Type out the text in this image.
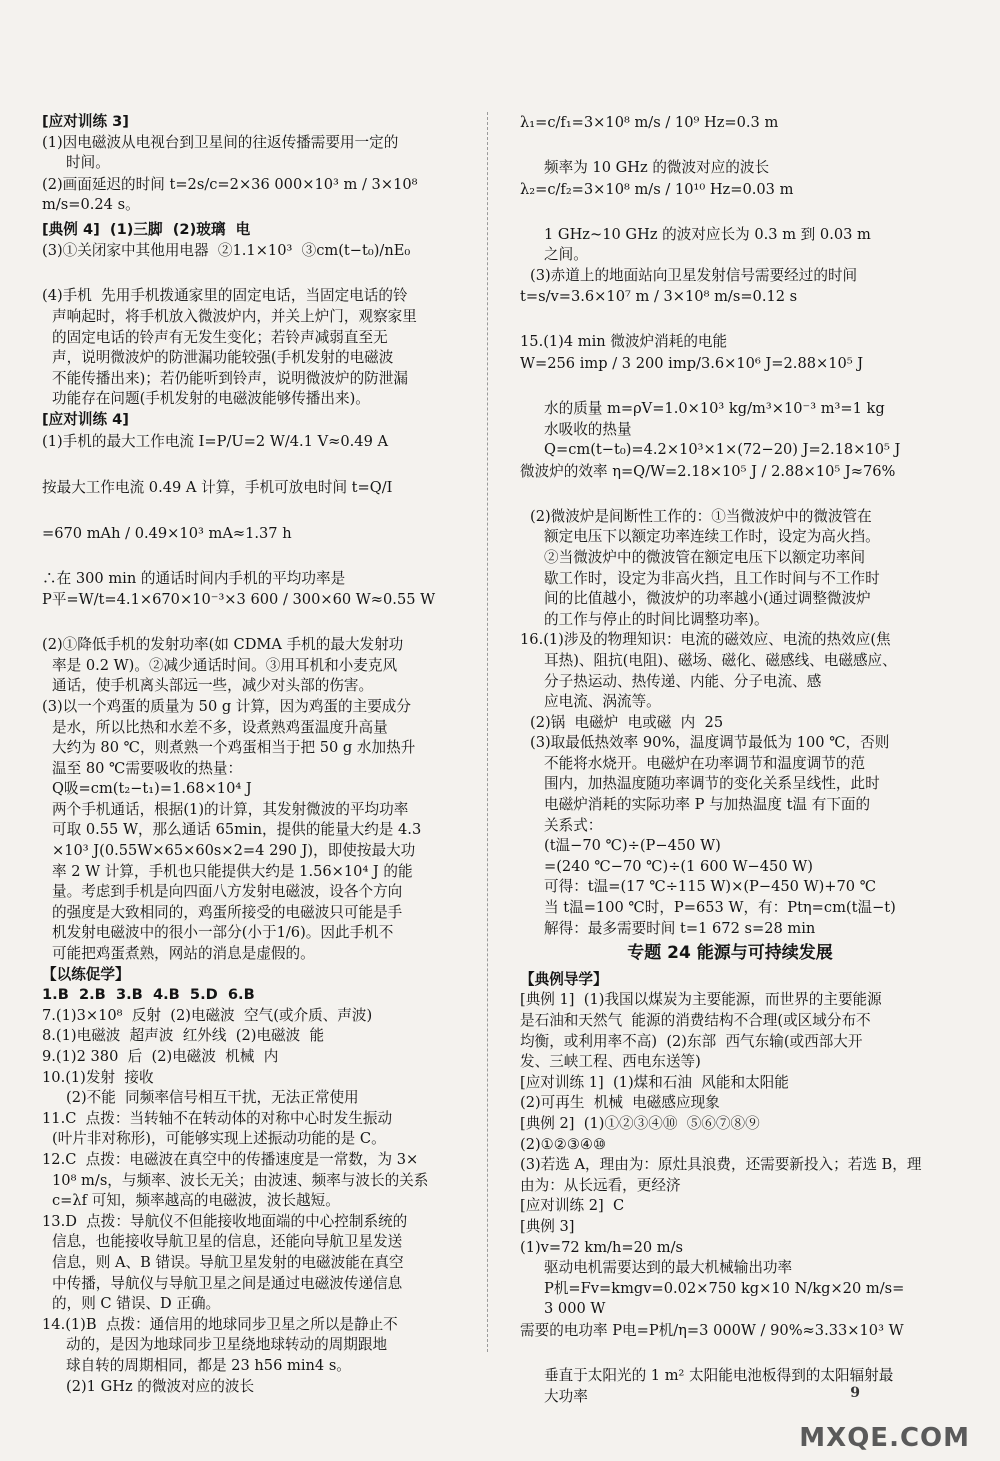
[应对训练 3]
(1)因电磁波从电视台到卫星间的往返传播需要用一定的
时间。
(2)画面延迟的时间 t=2s/c=2×36 000×10³ m / 3×10⁸ m/s=0.24 s。
[典例 4]  (1)三脚  (2)玻璃  电
(3)①关闭家中其他用电器  ②1.1×10³  ③cm(t−t₀)/nE₀
(4)手机  先用手机拨通家里的固定电话，当固定电话的铃
声响起时，将手机放入微波炉内，并关上炉门，观察家里
的固定电话的铃声有无发生变化；若铃声减弱直至无
声，说明微波炉的防泄漏功能较强(手机发射的电磁波
不能传播出来)；若仍能听到铃声，说明微波炉的防泄漏
功能存在问题(手机发射的电磁波能够传播出来)。
[应对训练 4]
(1)手机的最大工作电流 I=P/U=2 W/4.1 V≈0.49 A
按最大工作电流 0.49 A 计算，手机可放电时间 t=Q/I
=670 mAh / 0.49×10³ mA≈1.37 h
∴在 300 min 的通话时间内手机的平均功率是
P平=W/t=4.1×670×10⁻³×3 600 / 300×60 W≈0.55 W
(2)①降低手机的发射功率(如 CDMA 手机的最大发射功
率是 0.2 W)。②减少通话时间。③用耳机和小麦克风
通话，使手机离头部远一些，减少对头部的伤害。
(3)以一个鸡蛋的质量为 50 g 计算，因为鸡蛋的主要成分
是水，所以比热和水差不多，设煮熟鸡蛋温度升高量
大约为 80 ℃，则煮熟一个鸡蛋相当于把 50 g 水加热升
温至 80 ℃需要吸收的热量：
Q吸=cm(t₂−t₁)=1.68×10⁴ J
两个手机通话，根据(1)的计算，其发射微波的平均功率
可取 0.55 W，那么通话 65min，提供的能量大约是 4.3
×10³ J(0.55W×65×60s×2=4 290 J)，即使按最大功
率 2 W 计算，手机也只能提供大约是 1.56×10⁴ J 的能
量。考虑到手机是向四面八方发射电磁波，设各个方向
的强度是大致相同的，鸡蛋所接受的电磁波只可能是手
机发射电磁波中的很小一部分(小于1/6)。因此手机不
可能把鸡蛋煮熟，网站的消息是虚假的。
【以练促学】
1.B  2.B  3.B  4.B  5.D  6.B
7.(1)3×10⁸  反射  (2)电磁波  空气(或介质、声波)
8.(1)电磁波  超声波  红外线  (2)电磁波  能
9.(1)2 380  后  (2)电磁波  机械  内
10.(1)发射  接收
(2)不能  同频率信号相互干扰，无法正常使用
11.C  点拨：当转轴不在转动体的对称中心时发生振动
(叶片非对称形)，可能够实现上述振动功能的是 C。
12.C  点拨：电磁波在真空中的传播速度是一常数，为 3×
10⁸ m/s，与频率、波长无关；由波速、频率与波长的关系
c=λf 可知，频率越高的电磁波，波长越短。
13.D  点拨：导航仪不但能接收地面端的中心控制系统的
信息，也能接收导航卫星的信息，还能向导航卫星发送
信息，则 A、B 错误。导航卫星发射的电磁波能在真空
中传播，导航仪与导航卫星之间是通过电磁波传递信息
的，则 C 错误、D 正确。
14.(1)B  点拨：通信用的地球同步卫星之所以是静止不
动的，是因为地球同步卫星绕地球转动的周期跟地
球自转的周期相同，都是 23 h56 min4 s。
(2)1 GHz 的微波对应的波长
λ₁=c/f₁=3×10⁸ m/s / 10⁹ Hz=0.3 m
频率为 10 GHz 的微波对应的波长
λ₂=c/f₂=3×10⁸ m/s / 10¹⁰ Hz=0.03 m
1 GHz~10 GHz 的波对应长为 0.3 m 到 0.03 m
之间。
(3)赤道上的地面站向卫星发射信号需要经过的时间
t=s/v=3.6×10⁷ m / 3×10⁸ m/s=0.12 s
15.(1)4 min 微波炉消耗的电能
W=256 imp / 3 200 imp/3.6×10⁶ J=2.88×10⁵ J
水的质量 m=ρV=1.0×10³ kg/m³×10⁻³ m³=1 kg
水吸收的热量
Q=cm(t−t₀)=4.2×10³×1×(72−20) J=2.18×10⁵ J
微波炉的效率 η=Q/W=2.18×10⁵ J / 2.88×10⁵ J≈76%
(2)微波炉是间断性工作的：①当微波炉中的微波管在
额定电压下以额定功率连续工作时，设定为高火挡。
②当微波炉中的微波管在额定电压下以额定功率间
歇工作时，设定为非高火挡，且工作时间与不工作时
间的比值越小，微波炉的功率越小(通过调整微波炉
的工作与停止的时间比调整功率)。
16.(1)涉及的物理知识：电流的磁效应、电流的热效应(焦
耳热)、阻抗(电阻)、磁场、磁化、磁感线、电磁感应、
分子热运动、热传递、内能、分子电流、感
应电流、涡流等。
(2)锅  电磁炉  电或磁  内  25
(3)取最低热效率 90%，温度调节最低为 100 ℃，否则
不能将水烧开。电磁炉在功率调节和温度调节的范
围内，加热温度随功率调节的变化关系呈线性，此时
电磁炉消耗的实际功率 P 与加热温度 t温 有下面的
关系式：
(t温−70 ℃)÷(P−450 W)
=(240 ℃−70 ℃)÷(1 600 W−450 W)
可得：t温=(17 ℃÷115 W)×(P−450 W)+70 ℃
当 t温=100 ℃时，P=653 W，有：Ptη=cm(t温−t)
解得：最多需要时间 t=1 672 s=28 min
专题 24 能源与可持续发展
【典例导学】
[典例 1]  (1)我国以煤炭为主要能源，而世界的主要能源
是石油和天然气  能源的消费结构不合理(或区域分布不
均衡，或利用率不高)  (2)东部  西气东输(或西部大开
发、三峡工程、西电东送等)
[应对训练 1]  (1)煤和石油  风能和太阳能
(2)可再生  机械  电磁感应现象
[典例 2]  (1)①②③④⑩  ⑤⑥⑦⑧⑨
(2)①②③④⑩
(3)若选 A，理由为：原灶具浪费，还需要新投入；若选 B，理
由为：从长远看，更经济
[应对训练 2]  C
[典例 3]
(1)v=72 km/h=20 m/s
驱动电机需要达到的最大机械输出功率
P机=Fv=kmgv=0.02×750 kg×10 N/kg×20 m/s=
3 000 W
需要的电功率 P电=P机/η=3 000W / 90%≈3.33×10³ W
垂直于太阳光的 1 m² 太阳能电池板得到的太阳辐射最
大功率	9
MXQE.COM
